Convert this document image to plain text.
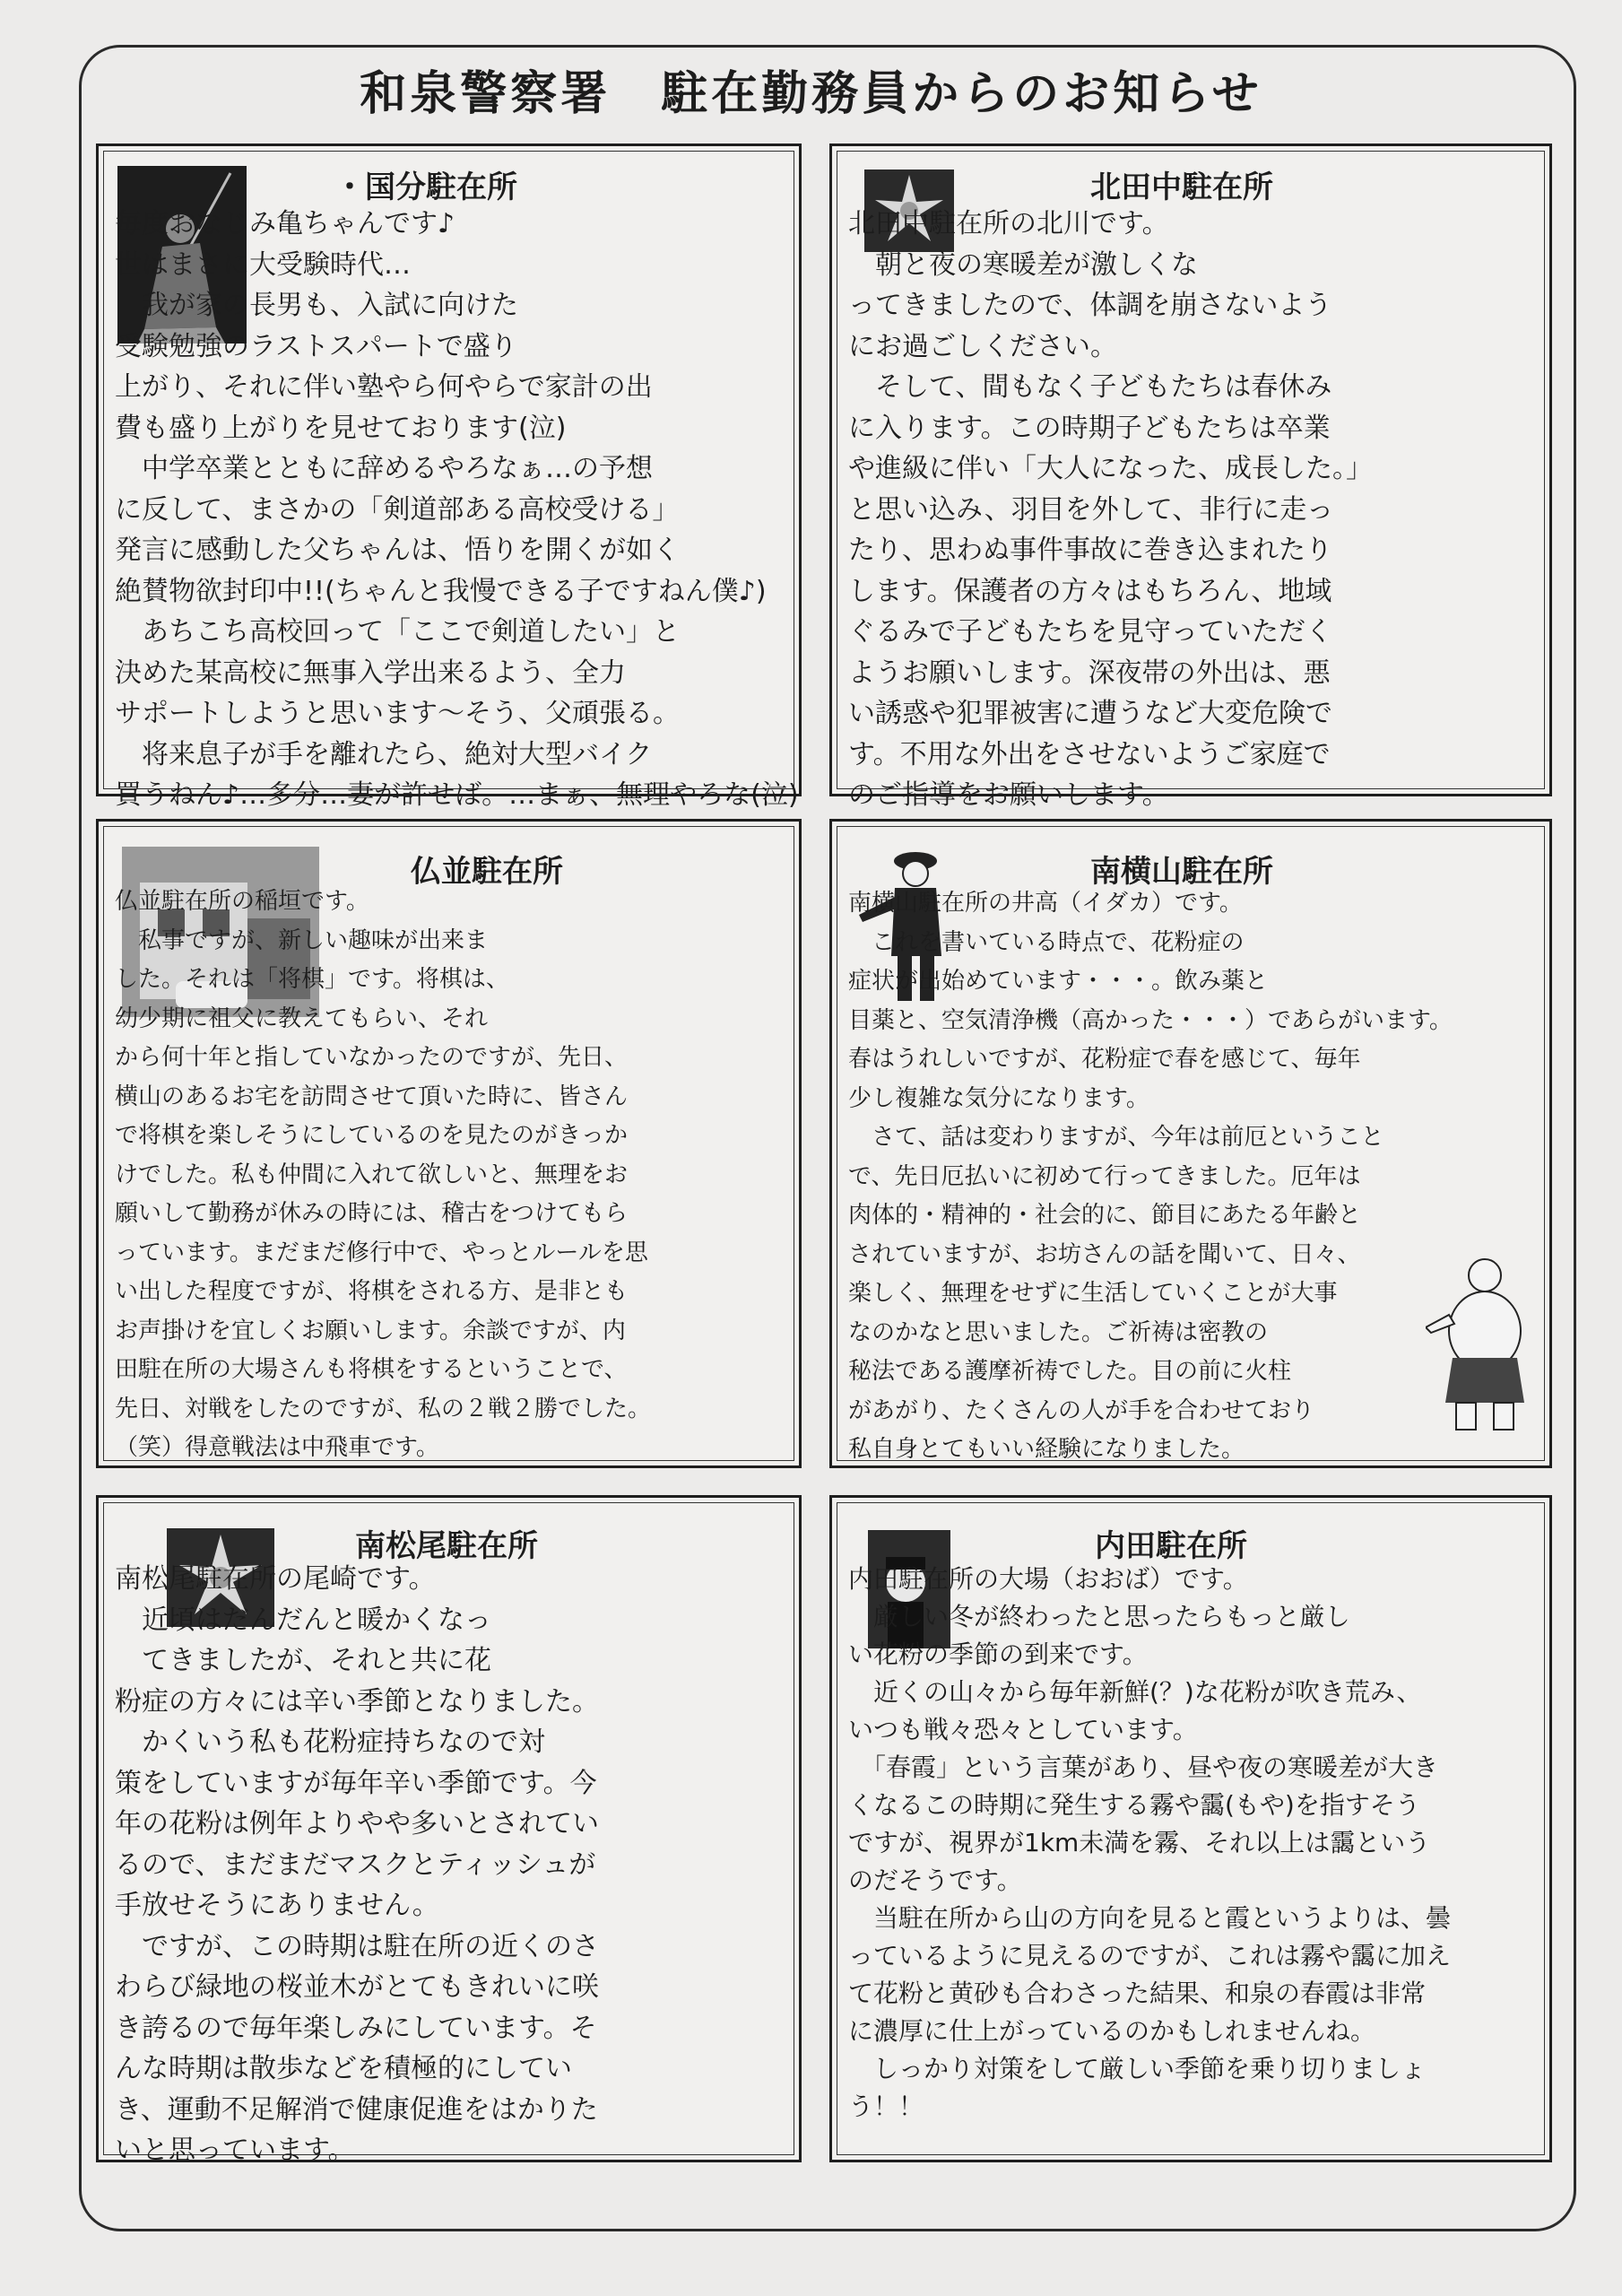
和泉警察署　駐在勤務員からのお知らせ
・国分駐在所

毎度おなじみ亀ちゃんです♪
世はまさに大受験時代…
　我が家の長男も、入試に向けた
受験勉強のラストスパートで盛り
上がり、それに伴い塾やら何やらで家計の出
費も盛り上がりを見せております(泣)
　中学卒業とともに辞めるやろなぁ…の予想
に反して、まさかの「剣道部ある高校受ける」
発言に感動した父ちゃんは、悟りを開くが如く
絶賛物欲封印中!!(ちゃんと我慢できる子ですねん僕♪)
　あちこち高校回って「ここで剣道したい」と
決めた某高校に無事入学出来るよう、全力
サポートしようと思います～そう、父頑張る。
　将来息子が手を離れたら、絶対大型バイク
買うねん♪…多分…妻が許せば。…まぁ、無理やろな(泣)

北田中駐在所

北田中駐在所の北川です。
　朝と夜の寒暖差が激しくな
ってきましたので、体調を崩さないよう
にお過ごしください。
　そして、間もなく子どもたちは春休み
に入ります。この時期子どもたちは卒業
や進級に伴い「大人になった、成長した。」
と思い込み、羽目を外して、非行に走っ
たり、思わぬ事件事故に巻き込まれたり
します。保護者の方々はもちろん、地域
ぐるみで子どもたちを見守っていただく
ようお願いします。深夜帯の外出は、悪
い誘惑や犯罪被害に遭うなど大変危険で
す。不用な外出をさせないようご家庭で
のご指導をお願いします。

仏並駐在所

仏並駐在所の稲垣です。
　私事ですが、新しい趣味が出来ま
した。それは「将棋」です。将棋は、
幼少期に祖父に教えてもらい、それ
から何十年と指していなかったのですが、先日、
横山のあるお宅を訪問させて頂いた時に、皆さん
で将棋を楽しそうにしているのを見たのがきっか
けでした。私も仲間に入れて欲しいと、無理をお
願いして勤務が休みの時には、稽古をつけてもら
っています。まだまだ修行中で、やっとルールを思
い出した程度ですが、将棋をされる方、是非とも
お声掛けを宜しくお願いします。余談ですが、内
田駐在所の大場さんも将棋をするということで、
先日、対戦をしたのですが、私の２戦２勝でした。
（笑）得意戦法は中飛車です。

南横山駐在所

南横山駐在所の井高（イダカ）です。
　これを書いている時点で、花粉症の
症状が出始めています・・・。飲み薬と
目薬と、空気清浄機（高かった・・・）であらがいます。
春はうれしいですが、花粉症で春を感じて、毎年
少し複雑な気分になります。
　さて、話は変わりますが、今年は前厄ということ
で、先日厄払いに初めて行ってきました。厄年は
肉体的・精神的・社会的に、節目にあたる年齢と
されていますが、お坊さんの話を聞いて、日々、
楽しく、無理をせずに生活していくことが大事
なのかなと思いました。ご祈祷は密教の
秘法である護摩祈祷でした。目の前に火柱
があがり、たくさんの人が手を合わせており
私自身とてもいい経験になりました。

南松尾駐在所

南松尾駐在所の尾崎です。
　近頃はだんだんと暖かくなっ
　てきましたが、それと共に花
粉症の方々には辛い季節となりました。
　かくいう私も花粉症持ちなので対
策をしていますが毎年辛い季節です。今
年の花粉は例年よりやや多いとされてい
るので、まだまだマスクとティッシュが
手放せそうにありません。
　ですが、この時期は駐在所の近くのさ
わらび緑地の桜並木がとてもきれいに咲
き誇るので毎年楽しみにしています。そ
んな時期は散歩などを積極的にしてい
き、運動不足解消で健康促進をはかりた
いと思っています。

内田駐在所

内田駐在所の大場（おおば）です。
　厳しい冬が終わったと思ったらもっと厳し
い花粉の季節の到来です。
　近くの山々から毎年新鮮(？)な花粉が吹き荒み、
いつも戦々恐々としています。
　「春霞」という言葉があり、昼や夜の寒暖差が大き
くなるこの時期に発生する霧や靄(もや)を指すそう
ですが、視界が1km未満を霧、それ以上は靄という
のだそうです。
　当駐在所から山の方向を見ると霞というよりは、曇
っているように見えるのですが、これは霧や靄に加え
て花粉と黄砂も合わさった結果、和泉の春霞は非常
に濃厚に仕上がっているのかもしれませんね。
　しっかり対策をして厳しい季節を乗り切りましょ
う！！
